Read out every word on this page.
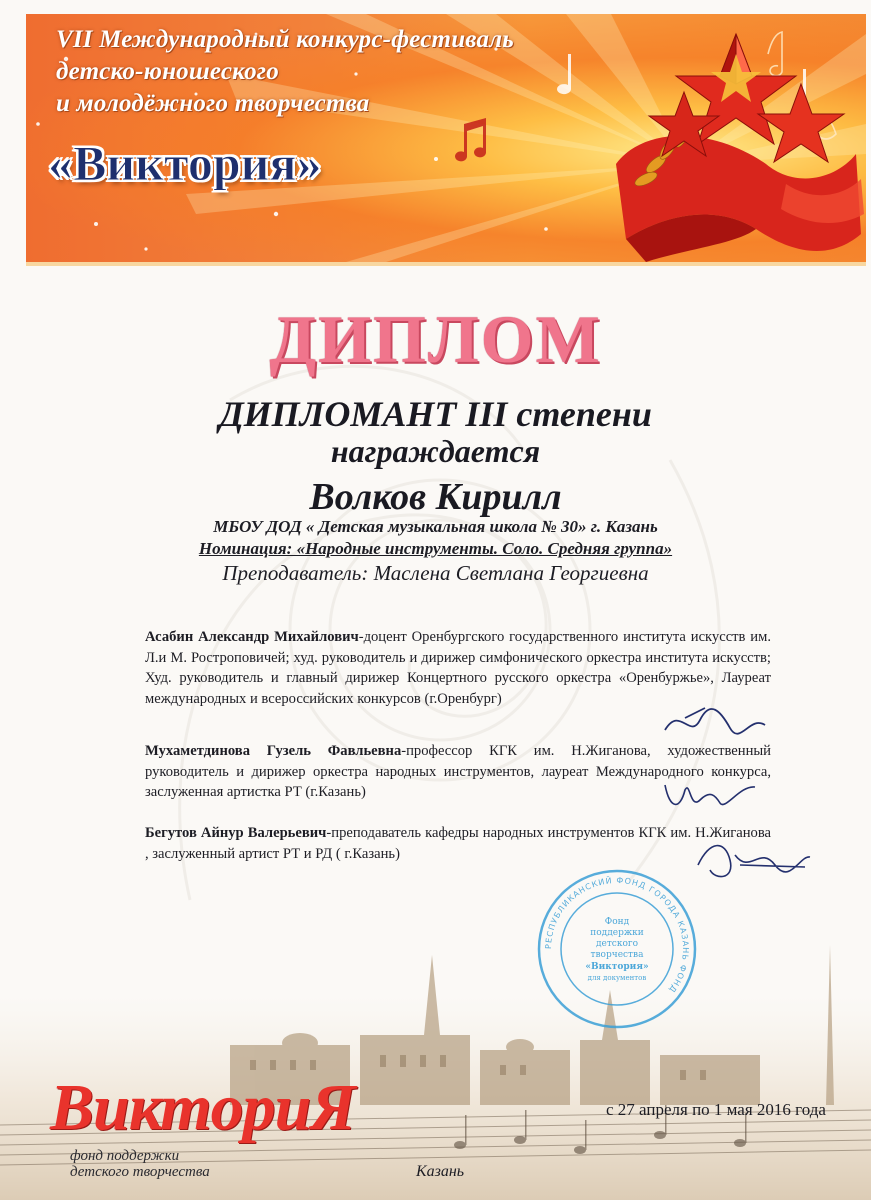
VII Международный конкурс-фестиваль
детско-юношеского
и молодёжного творчества
«Виктория»
ДИПЛОМ
ДИПЛОМАНТ III степени
награждается
Волков Кирилл
МБОУ ДОД « Детская музыкальная школа № 30» г. Казань
Номинация: «Народные инструменты. Соло. Средняя группа»
Преподаватель: Маслена Светлана Георгиевна
Асабин Александр Михайлович-доцент Оренбургского государственного института искусств им. Л.и М. Ростроповичей; худ. руководитель и дирижер симфонического оркестра института искусств; Худ. руководитель и главный дирижер Концертного русского оркестра «Оренбуржье», Лауреат международных и всероссийских конкурсов (г.Оренбург)
Мухаметдинова Гузель Фавльевна-профессор КГК им. Н.Жиганова, художественный руководитель и дирижер оркестра народных инструментов, лауреат Международного конкурса, заслуженная артистка РТ (г.Казань)
Бегутов Айнур Валерьевич-преподаватель кафедры народных инструментов КГК им. Н.Жиганова , заслуженный артист РТ и РД ( г.Казань)
РЕСПУБЛИКАНСКИЙ ФОНД ГОРОДА КАЗАНЬ ФОНД
Фонд
поддержки
детского
творчества
«Виктория»
для документов
ВиктoриЯ
фонд поддержки
детского творчества
с 27 апреля по 1 мая 2016 года
Казань
